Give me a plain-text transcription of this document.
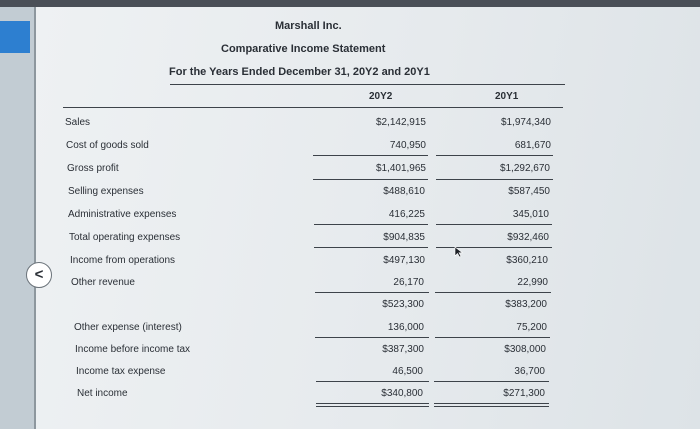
<
Marshall Inc.
Comparative Income Statement
For the Years Ended December 31, 20Y2 and 20Y1
20Y2	20Y1
Sales
Cost of goods sold
Gross profit
Selling expenses
Administrative expenses
Total operating expenses
Income from operations
Other revenue
Other expense (interest)
Income before income tax
Income tax expense
Net income
$2,142,915
740,950
$1,401,965
$488,610
416,225
$904,835
$497,130
26,170
$523,300
136,000
$387,300
46,500
$340,800
$1,974,340
681,670
$1,292,670
$587,450
345,010
$932,460
$360,210
22,990
$383,200
75,200
$308,000
36,700
$271,300
